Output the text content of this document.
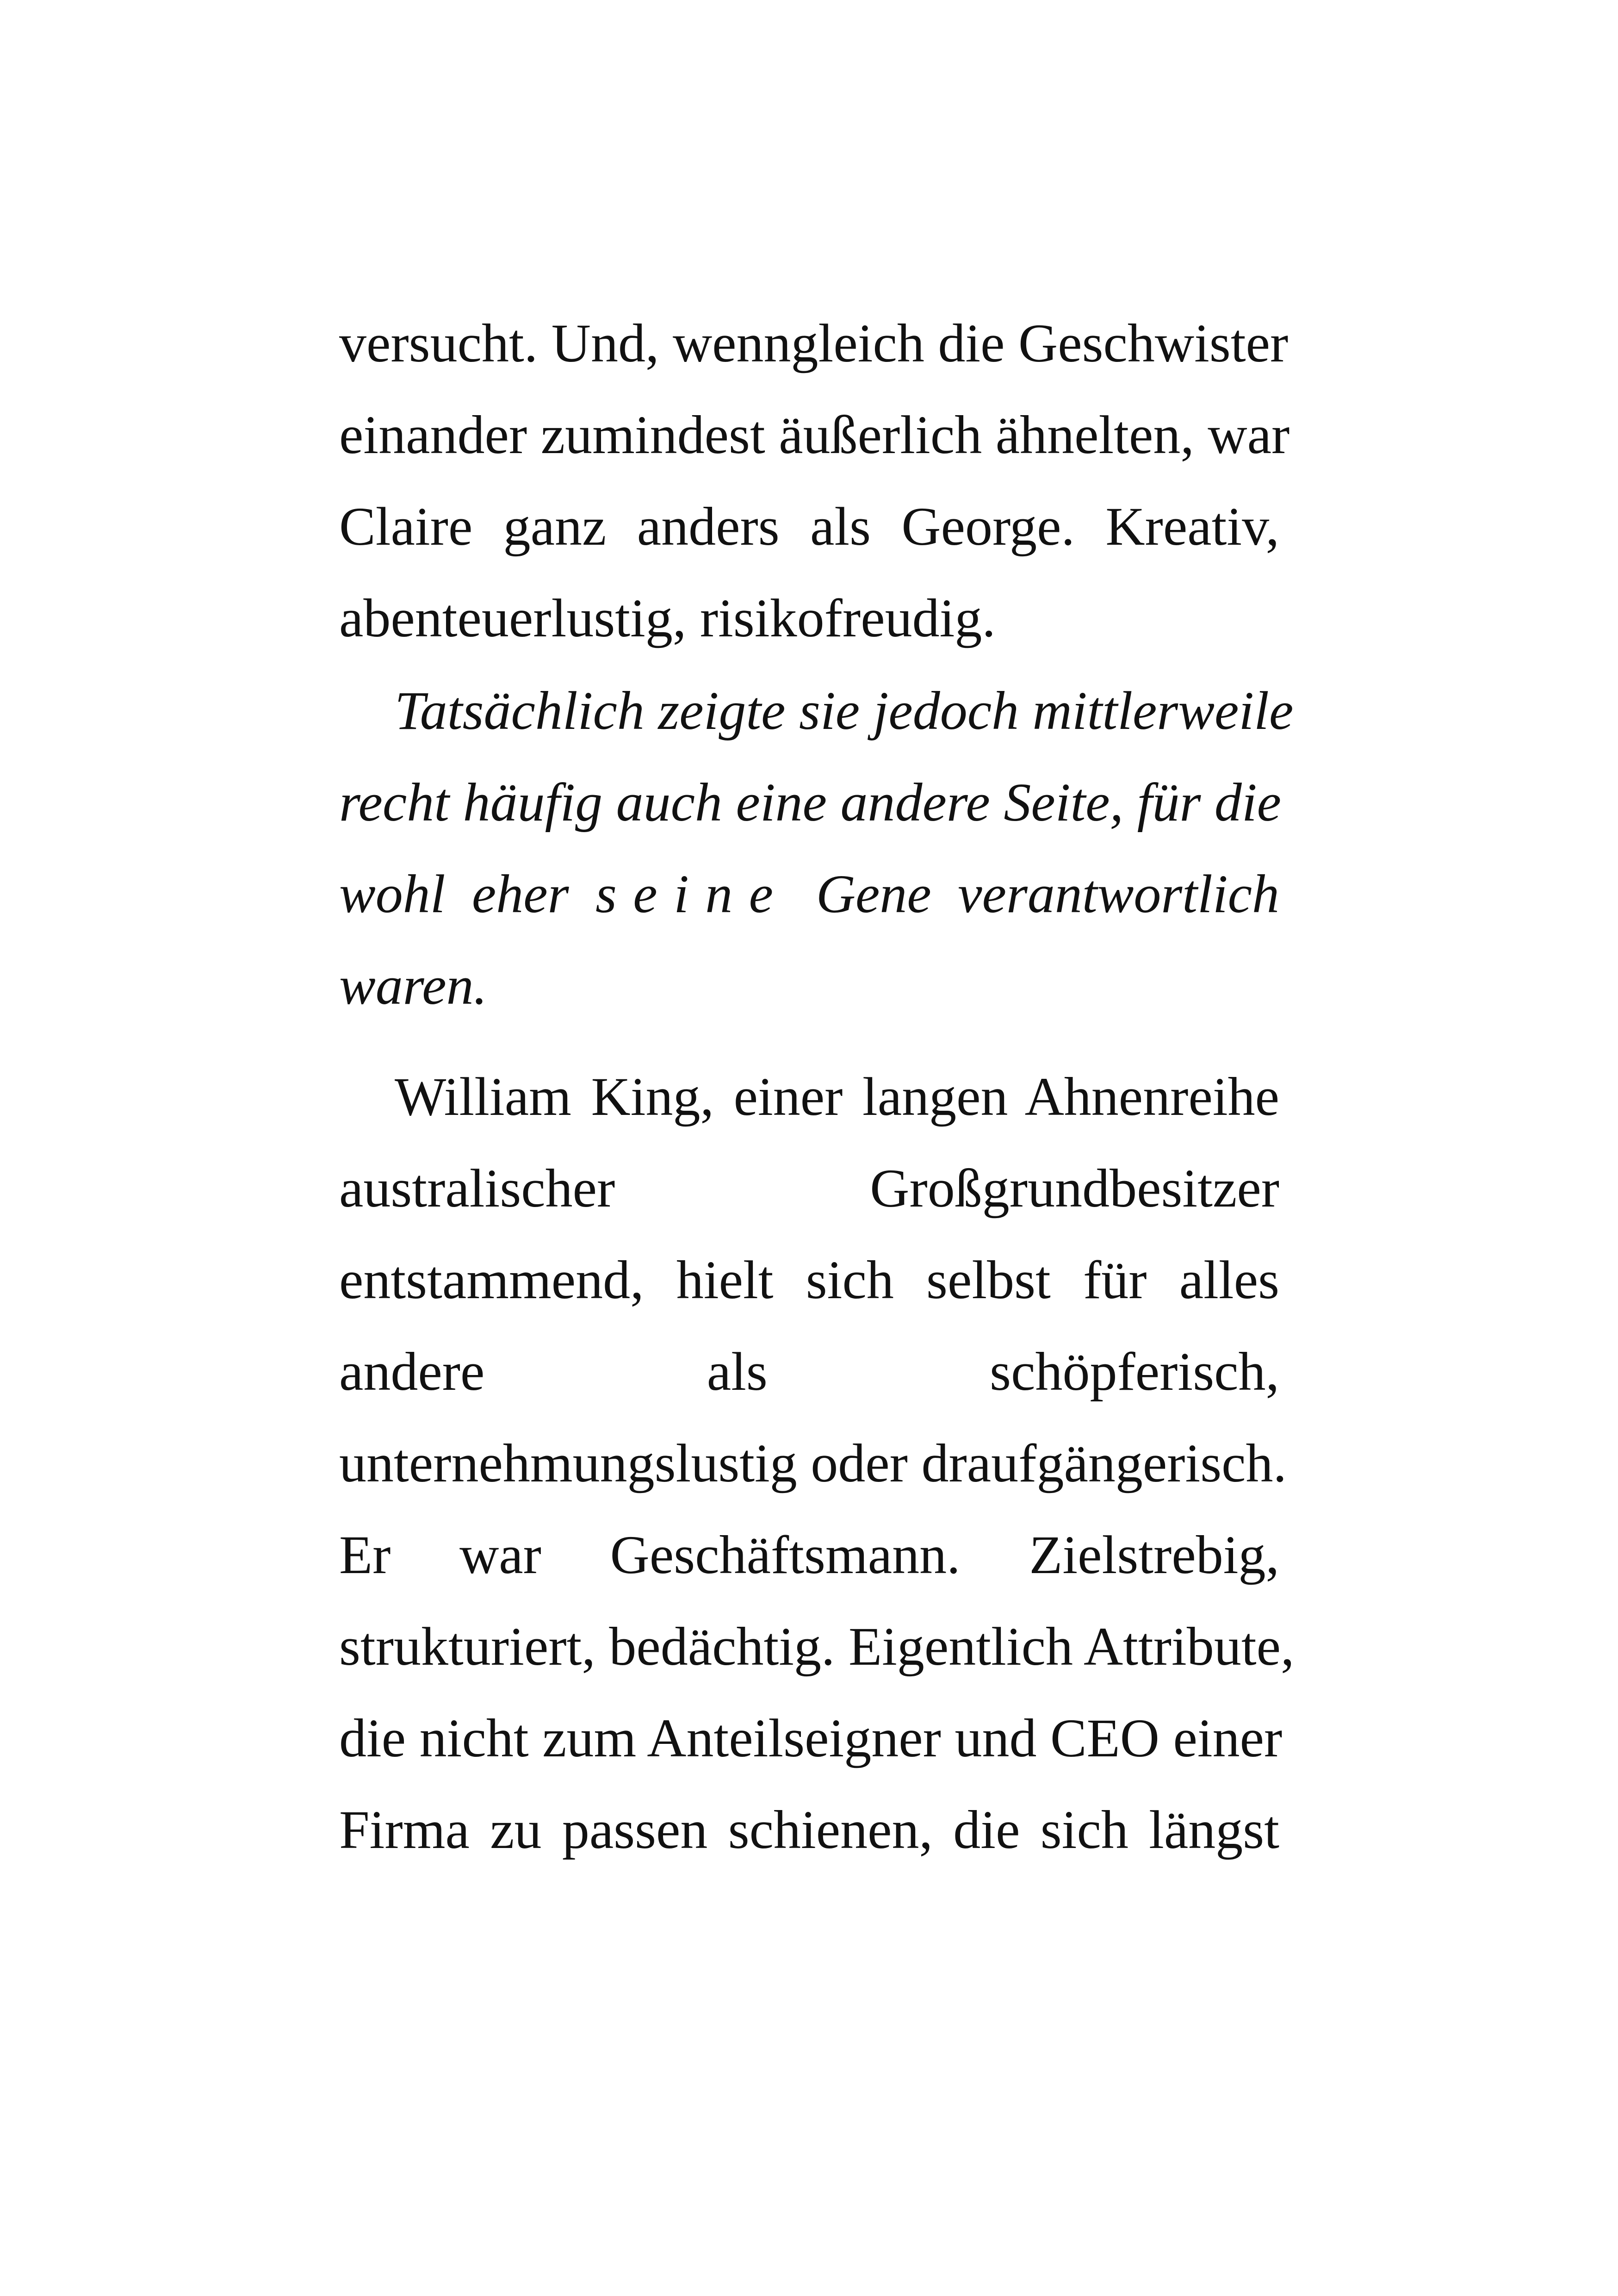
versucht. Und, wenngleich die Geschwister
einander zumindest äußerlich ähnelten, war
Claire ganz anders als George. Kreativ,
abenteuerlustig, risikofreudig.
Tatsächlich zeigte sie jedoch mittlerweile
recht häufig auch eine andere Seite, für die
wohl eher seine Gene verantwortlich
waren.
William King, einer langen Ahnenreihe
australischer Großgrundbesitzer
entstammend, hielt sich selbst für alles
andere als schöpferisch,
unternehmungslustig oder draufgängerisch.
Er war Geschäftsmann. Zielstrebig,
strukturiert, bedächtig. Eigentlich Attribute,
die nicht zum Anteilseigner und CEO einer
Firma zu passen schienen, die sich längst
